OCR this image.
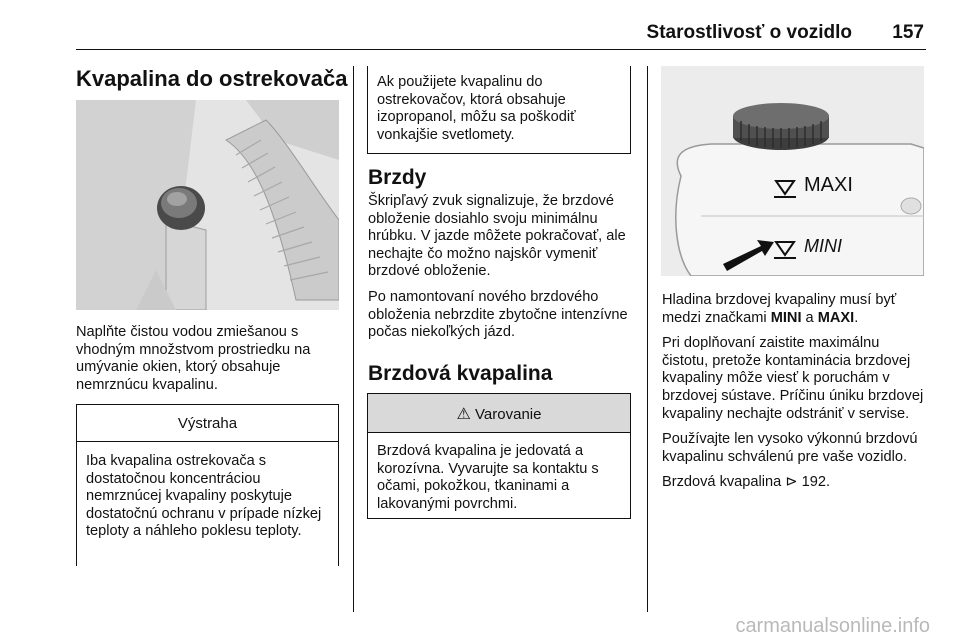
Starostlivosť o vozidlo 157
Kvapalina do ostrekovača
Naplňte čistou vodou zmiešanou s vhodným množstvom prostriedku na umývanie okien, ktorý obsahuje nemrznúcu kvapalinu.
Výstraha
Iba kvapalina ostrekovača s dostatočnou koncentráciou nemrznúcej kvapaliny poskytuje dostatočnú ochranu v prípade nízkej teploty a náhleho poklesu teploty.
Ak použijete kvapalinu do ostrekovačov, ktorá obsahuje izopropanol, môžu sa poškodiť vonkajšie svetlomety.
Brzdy
Škripľavý zvuk signalizuje, že brzdové obloženie dosiahlo svoju minimálnu hrúbku. V jazde môžete pokračovať, ale nechajte čo možno najskôr vymeniť brzdové obloženie.
Po namontovaní nového brzdového obloženia nebrzdite zbytočne intenzívne počas niekoľkých jázd.
Brzdová kvapalina
⚠ Varovanie
Brzdová kvapalina je jedovatá a korozívna. Vyvarujte sa kontaktu s očami, pokožkou, tkaninami a lakovanými povrchmi.
MAXI
MINI

Hladina brzdovej kvapaliny musí byť medzi značkami MINI a MAXI.

Pri doplňovaní zaistite maximálnu čistotu, pretože kontaminácia brzdovej kvapaliny môže viesť k poruchám v brzdovej sústave. Príčinu úniku brzdovej kvapaliny nechajte odstrániť v servise.

Používajte len vysoko výkonnú brzdovú kvapalinu schválenú pre vaše vozidlo.

Brzdová kvapalina ⊳ 192.

carmanualsonline.info
